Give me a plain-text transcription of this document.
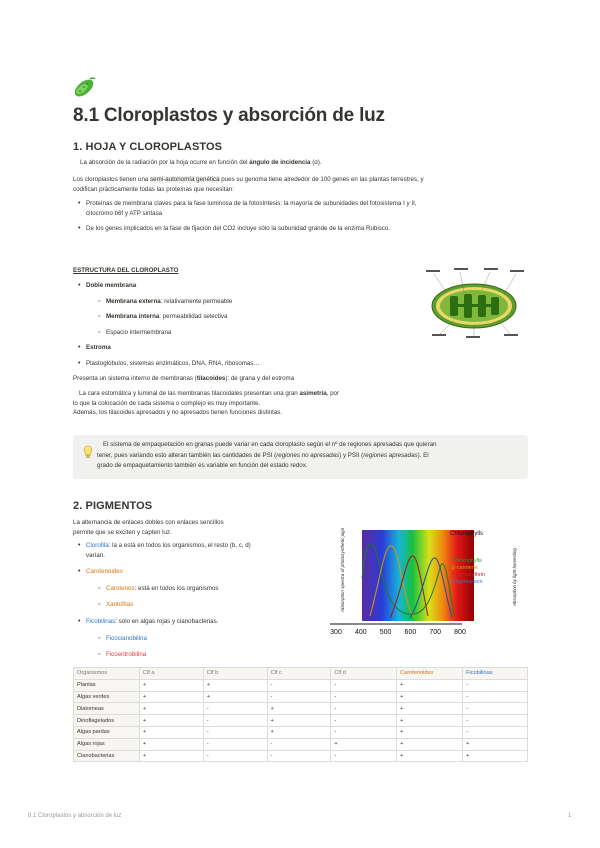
8.1 Cloroplastos y absorción de luz
1. HOJA Y CLOROPLASTOS
La absorción de la radiación por la hoja ocurre en función del ángulo de incidencia (α).
Los cloroplastos tienen una semi-autonomía genética pues su genoma tiene alrededor de 100 genes en las plantas terrestres, y
codifican prácticamente todas las proteínas que necesitan:
• Proteínas de membrana claves para la fase luminosa de la fotosíntesis: la mayoría de subunidades del fotosistema I y II,
citocromo b6f y ATP sintasa
• De los genes implicados en la fase de fijación del CO2 incluye sólo la subunidad grande de la enzima Rubisco.
ESTRUCTURA DEL CLOROPLASTO
• Doble membrana
◦ Membrana externa: relativamente permeable
◦ Membrana interna: permeabilidad selectiva
◦ Espacio intermembrana
• Estroma
• Plastoglóbulos, sistemas enzimáticos, DNA, RNA, ribosomas…
Presenta un sistema interno de membranas (tilacoides): de grana y del estroma
La cara estomática y luminal de las membranas tilacoidales presentan una gran asimetría, por
lo que la colocación de cada sistema o complejo es muy importante.
Además, los tilacoides apresados y no apresados tienen funciones distintas.
El sistema de empaquetación en granas puede variar en cada cloroplasto según el nº de regiones apresadas que quieran
tener, pues variando esto alteran también las cantidades de PSI (regiones no apresadas) y PSII (regiones apresadas). El
grado de empaquetamiento también es variable en función del estado redox.
2. PIGMENTOS
La alternancia de enlaces dobles con enlaces sencillos
permite que se exciten y capten luz.
• Clorofila: la a está en todos los organismos, el resto (b, c, d)
varían.
• Carotenoides
◦ Carotenos: está en todos los organismos
◦ Xantofilas
• Ficobilinas: solo en algas rojas y cianobacterias.
◦ Ficocianobilina
◦ Ficoeritrobilina
300 400 500 600 700 800
Chlorophylls
Chlorophylls
β-carotene
Phycoerythrin
Phycocyanin
Absorption spectra of photosynthetic pigments	Absorption by light-harvesting
Organismos	Clf a	Clf b	Clf c	Clf d	Carotenoides	Ficobilinas
Plantas	+	+	-	-	+	-
Algas verdes	+	+	-	-	+	-
Diatomeas	+	-	+	-	+	-
Dinoflagelados	+	-	+	-	+	-
Algas pardas	+	-	+	-	+	-
Algas rojas	+	-	-	+	+	+
Cianobacterias	+	-	-	-	+	+
8.1 Cloroplastos y absorción de luz	1
